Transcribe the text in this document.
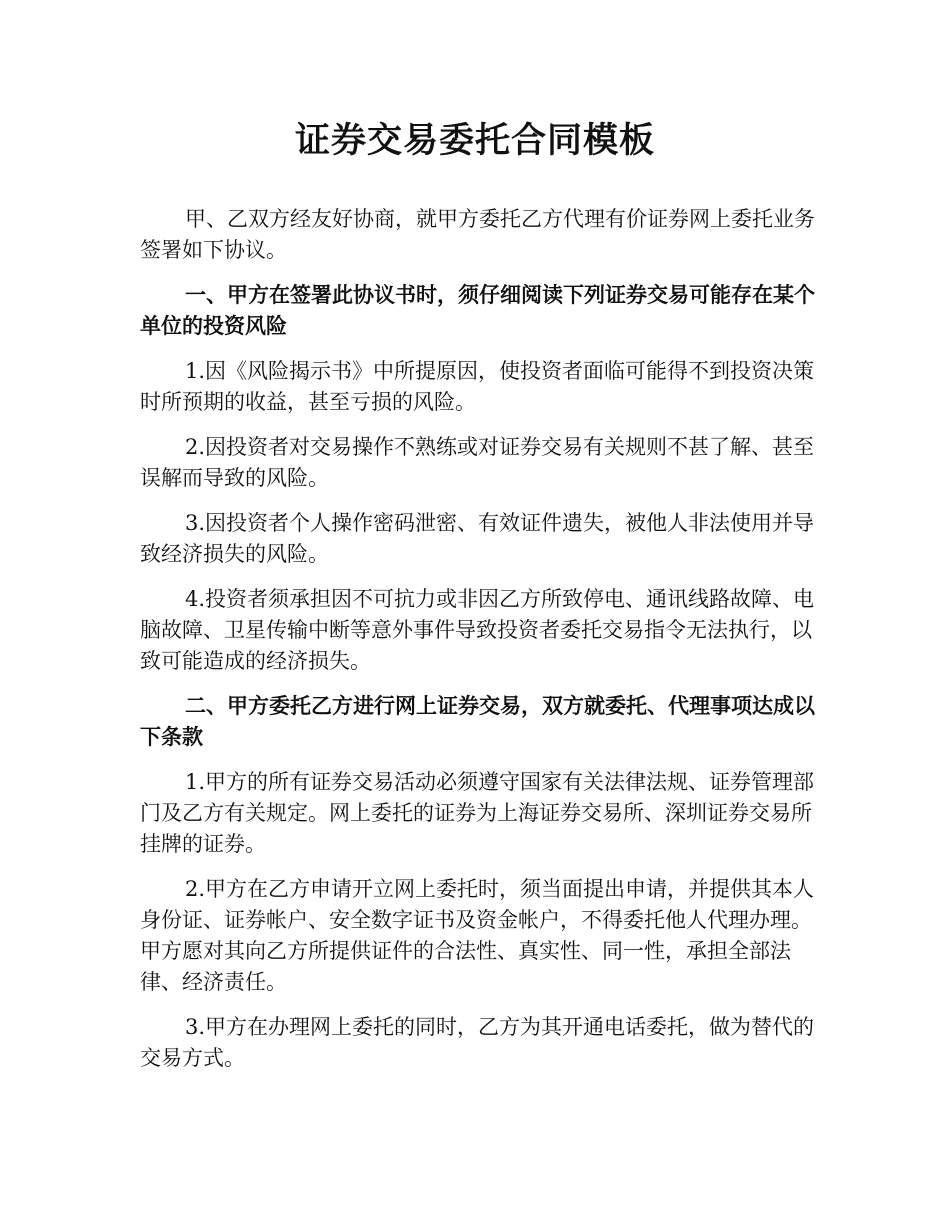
证券交易委托合同模板

甲、乙双方经友好协商，就甲方委托乙方代理有价证券网上委托业务签署如下协议。

一、甲方在签署此协议书时，须仔细阅读下列证券交易可能存在某个单位的投资风险

1.因《风险揭示书》中所提原因，使投资者面临可能得不到投资决策时所预期的收益，甚至亏损的风险。

2.因投资者对交易操作不熟练或对证券交易有关规则不甚了解、甚至误解而导致的风险。

3.因投资者个人操作密码泄密、有效证件遗失，被他人非法使用并导致经济损失的风险。

4.投资者须承担因不可抗力或非因乙方所致停电、通讯线路故障、电脑故障、卫星传输中断等意外事件导致投资者委托交易指令无法执行，以致可能造成的经济损失。

二、甲方委托乙方进行网上证券交易，双方就委托、代理事项达成以下条款

1.甲方的所有证券交易活动必须遵守国家有关法律法规、证券管理部门及乙方有关规定。网上委托的证券为上海证券交易所、深圳证券交易所挂牌的证券。

2.甲方在乙方申请开立网上委托时，须当面提出申请，并提供其本人身份证、证券帐户、安全数字证书及资金帐户，不得委托他人代理办理。甲方愿对其向乙方所提供证件的合法性、真实性、同一性，承担全部法律、经济责任。

3.甲方在办理网上委托的同时，乙方为其开通电话委托，做为替代的交易方式。
